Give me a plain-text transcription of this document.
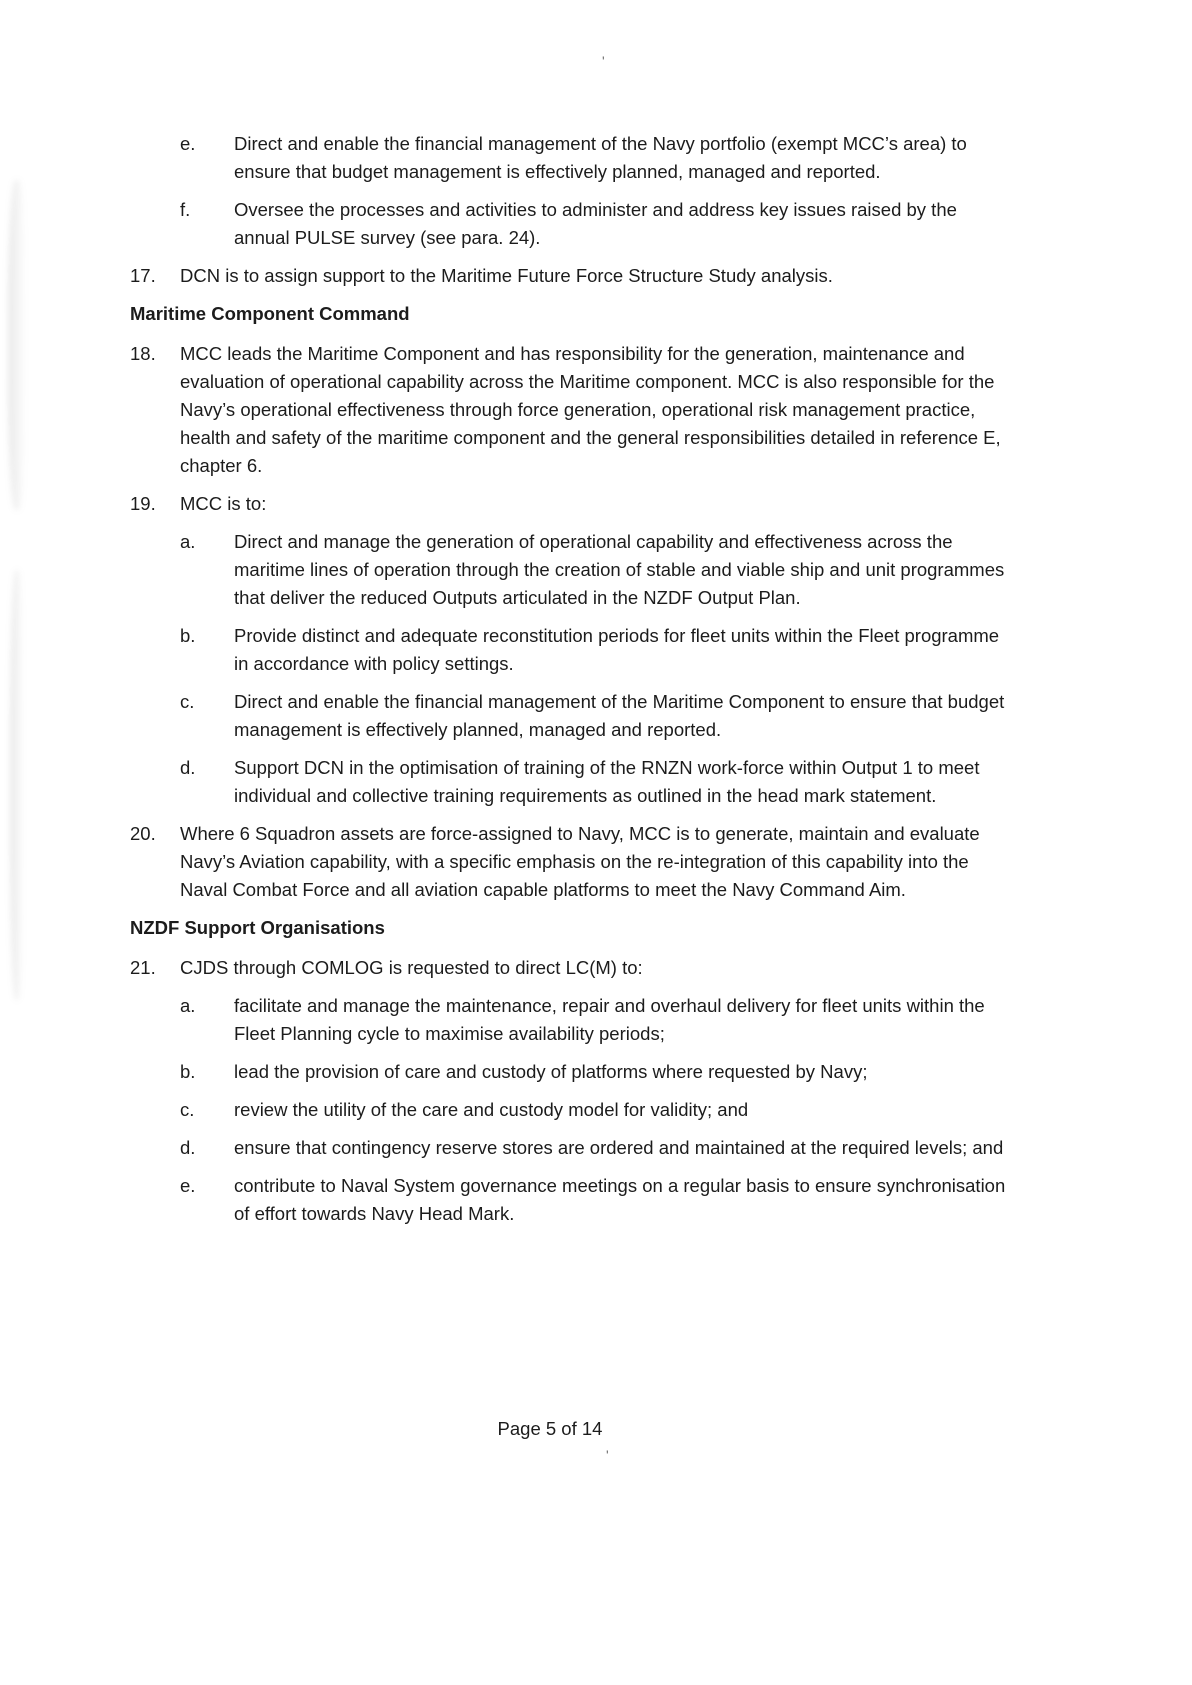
'
e.	Direct and enable the financial management of the Navy portfolio (exempt MCC’s area) to ensure that budget management is effectively planned, managed and reported.
f.	Oversee the processes and activities to administer and address key issues raised by the annual PULSE survey (see para. 24).
17.	DCN is to assign support to the Maritime Future Force Structure Study analysis.
Maritime Component Command
18.	MCC leads the Maritime Component and has responsibility for the generation, maintenance and evaluation of operational capability across the Maritime component. MCC is also responsible for the Navy’s operational effectiveness through force generation, operational risk management practice, health and safety of the maritime component and the general responsibilities detailed in reference E, chapter 6.
19.	MCC is to:
a.	Direct and manage the generation of operational capability and effectiveness across the maritime lines of operation through the creation of stable and viable ship and unit programmes that deliver the reduced Outputs articulated in the NZDF Output Plan.
b.	Provide distinct and adequate reconstitution periods for fleet units within the Fleet programme in accordance with policy settings.
c.	Direct and enable the financial management of the Maritime Component to ensure that budget management is effectively planned, managed and reported.
d.	Support DCN in the optimisation of training of the RNZN work-force within Output 1 to meet individual and collective training requirements as outlined in the head mark statement.
20.	Where 6 Squadron assets are force-assigned to Navy, MCC is to generate, maintain and evaluate Navy’s Aviation capability, with a specific emphasis on the re-integration of this capability into the Naval Combat Force and all aviation capable platforms to meet the Navy Command Aim.
NZDF Support Organisations
21.	CJDS through COMLOG is requested to direct LC(M) to:
a.	facilitate and manage the maintenance, repair and overhaul delivery for fleet units within the Fleet Planning cycle to maximise availability periods;
b.	lead the provision of care and custody of platforms where requested by Navy;
c.	review the utility of the care and custody model for validity; and
d.	ensure that contingency reserve stores are ordered and maintained at the required levels; and
e.	contribute to Naval System governance meetings on a regular basis to ensure synchronisation of effort towards Navy Head Mark.
Page 5 of 14
'
